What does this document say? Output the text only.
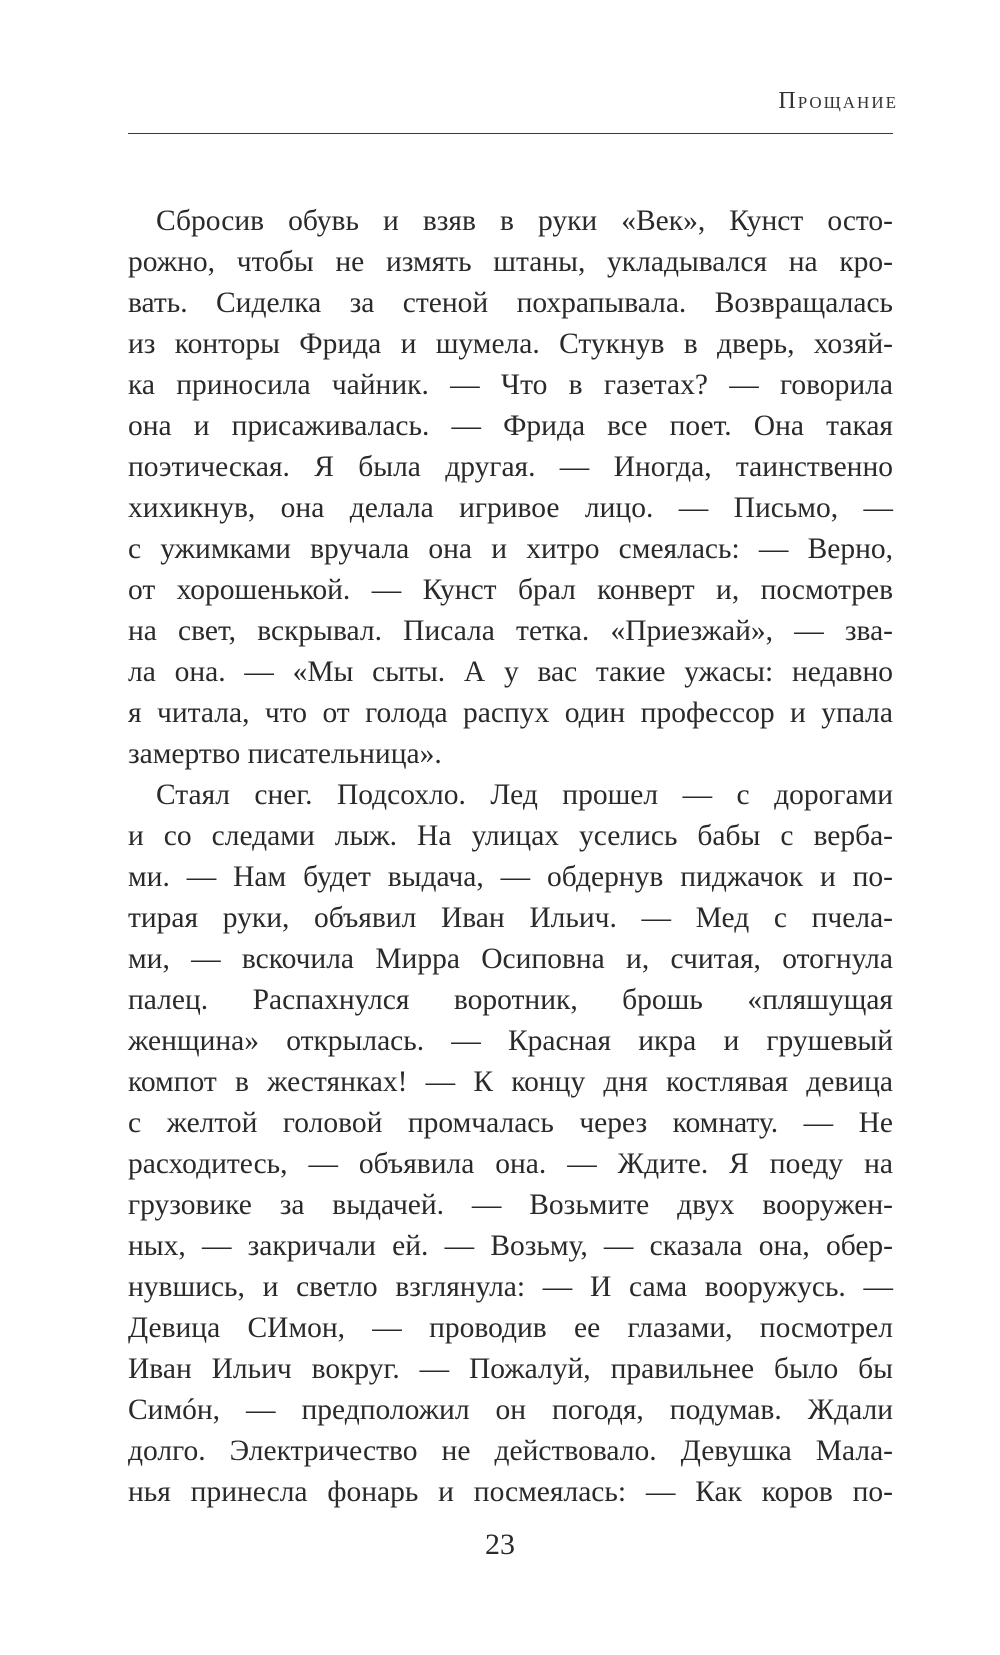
Прощание
Сбросив обувь и взяв в руки «Век», Кунст осто-
рожно, чтобы не измять штаны, укладывался на кро-
вать. Сиделка за стеной похрапывала. Возвращалась
из конторы Фрида и шумела. Стукнув в дверь, хозяй-
ка приносила чайник. — Что в газетах? — говорила
она и присаживалась. — Фрида все поет. Она такая
поэтическая. Я была другая. — Иногда, таинственно
хихикнув, она делала игривое лицо. — Письмо, —
с ужимками вручала она и хитро смеялась: — Верно,
от хорошенькой. — Кунст брал конверт и, посмотрев
на свет, вскрывал. Писала тетка. «Приезжай», — зва-
ла она. — «Мы сыты. А у вас такие ужасы: недавно
я читала, что от голода распух один профессор и упала
замертво писательница».
Стаял снег. Подсохло. Лед прошел — с дорогами
и со следами лыж. На улицах уселись бабы с верба-
ми. — Нам будет выдача, — обдернув пиджачок и по-
тирая руки, объявил Иван Ильич. — Мед с пчела-
ми, — вскочила Мирра Осиповна и, считая, отогнула
палец. Распахнулся воротник, брошь «пляшущая
женщина» открылась. — Красная икра и грушевый
компот в жестянках! — К концу дня костлявая девица
с желтой головой промчалась через комнату. — Не
расходитесь, — объявила она. — Ждите. Я поеду на
грузовике за выдачей. — Возьмите двух вооружен-
ных, — закричали ей. — Возьму, — сказала она, обер-
нувшись, и светло взглянула: — И сама вооружусь. —
Девица СИмон, — проводив ее глазами, посмотрел
Иван Ильич вокруг. — Пожалуй, правильнее было бы
Симóн, — предположил он погодя, подумав. Ждали
долго. Электричество не действовало. Девушка Мала-
нья принесла фонарь и посмеялась: — Как коров по-
23
